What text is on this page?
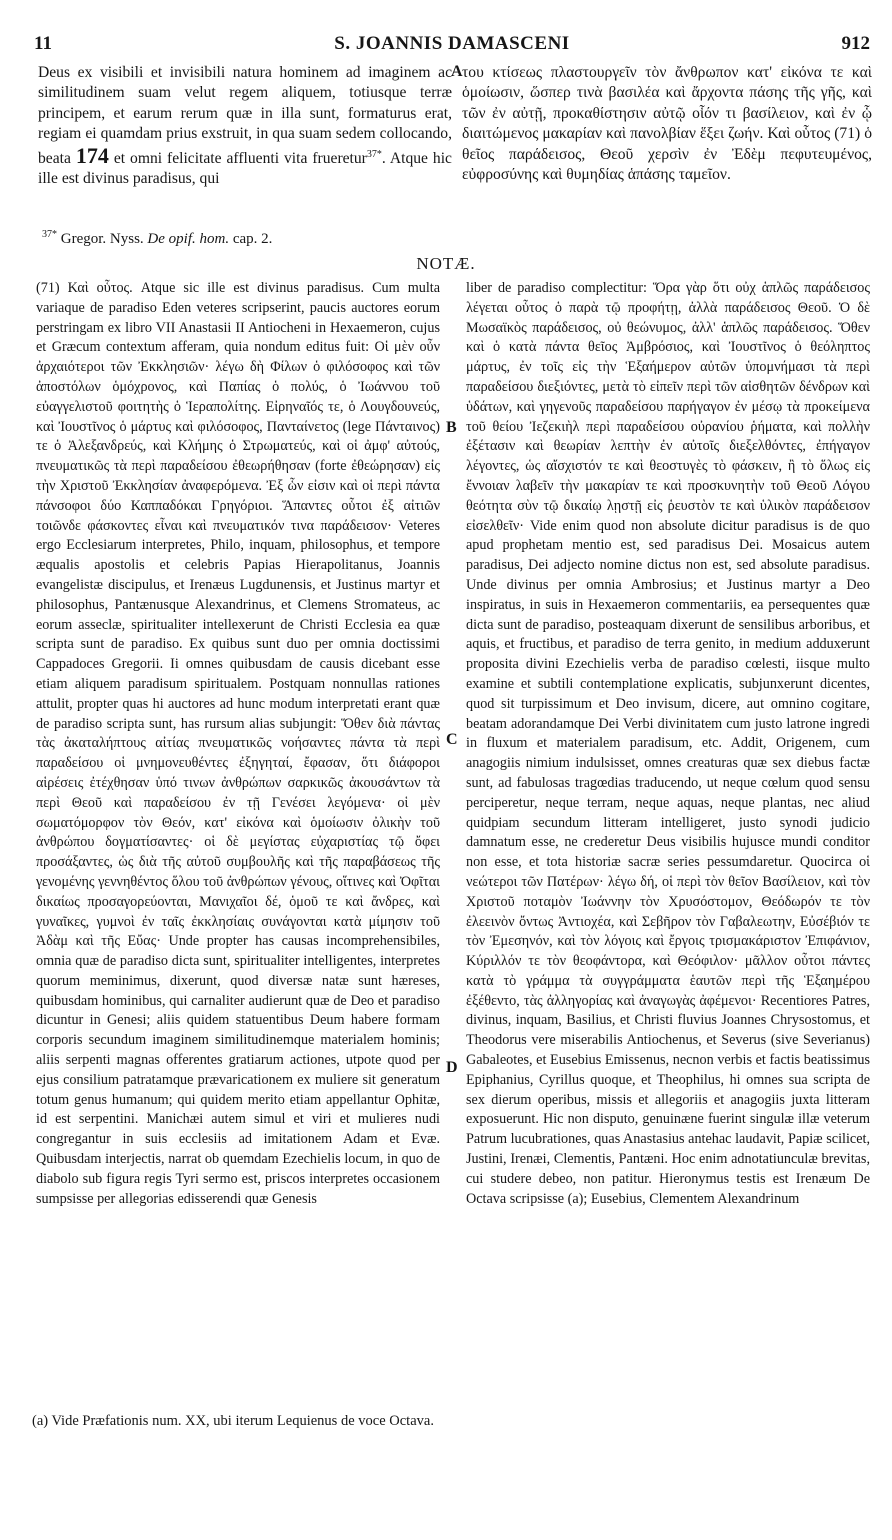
11	S. JOANNIS DAMASCENI	912
Deus ex visibili et invisibili natura hominem ad imaginem ac similitudinem suam velut regem aliquem, totiusque terræ principem, et earum rerum quæ in illa sunt, formaturus erat, regiam ei quamdam prius exstruit, in qua suam sedem collocando, beata 174 et omni felicitate affluenti vita frueretur$^{37*}$. Atque hic ille est divinus paradisus, qui
A του κτίσεως πλαστουργεῖν τὸν ἄνθρωπον κατ' εἰκόνα τε καὶ ὁμοίωσιν, ὥσπερ τινὰ βασιλέα καὶ ἄρχοντα πάσης τῆς γῆς, καὶ τῶν ἐν αὐτῇ, προκαθίστησιν αὐτῷ οἷόν τι βασίλειον, καὶ ἐν ᾧ διαιτώμενος μακαρίαν καὶ πανολβίαν ἕξει ζωήν. Καὶ οὗτος (71) ὁ θεῖος παράδεισος, Θεοῦ χερσὶν ἐν Ἐδὲμ πεφυτευμένος, εὐφροσύνης καὶ θυμηδίας ἁπάσης ταμεῖον.
$^{37*}$ Gregor. Nyss. De opif. hom. cap. 2.
NOTÆ.

(71) Καὶ οὗτος. Atque sic ille est divinus paradisus. Cum multa variaque de paradiso Eden veteres scripserint, paucis auctores eorum perstringam ex libro VII Anastasii II Antiocheni in Hexaemeron, cujus et Græcum contextum afferam, quia nondum editus fuit: Οἱ μὲν οὖν ἀρχαιότεροι τῶν Ἐκκλησιῶν· λέγω δὴ Φίλων ὁ φιλόσοφος καὶ τῶν ἀποστόλων ὁμόχρονος, καὶ Παπίας ὁ πολύς, ὁ Ἰωάννου τοῦ εὐαγγελιστοῦ φοιτητὴς ὁ Ἱεραπολίτης. Εἰρηναῖός τε, ὁ Λουγδουνεύς, καὶ Ἰουστῖνος ὁ μάρτυς καὶ φιλόσοφος, Πανταίνετος (lege Πάνταινος) τε ὁ Ἀλεξανδρεύς, καὶ Κλήμης ὁ Στρωματεύς, καὶ οἱ ἀμφ' αὐτούς, πνευματικῶς τὰ περὶ παραδείσου ἐθεωρήθησαν (forte ἐθεώρησαν) εἰς τὴν Χριστοῦ Ἐκκλησίαν ἀναφερόμενα. Ἐξ ὧν εἰσιν καὶ οἱ περὶ πάντα πάνσοφοι δύο Καππαδόκαι Γρηγόριοι. Ἅπαντες οὗτοι ἐξ αἰτιῶν τοιῶνδε φάσκοντες εἶναι καὶ πνευματικόν τινα παράδεισον· Veteres ergo Ecclesiarum interpretes, Philo, inquam, philosophus, et tempore æqualis apostolis et celebris Papias Hierapolitanus, Joannis evangelistæ discipulus, et Irenæus Lugdunensis, et Justinus martyr et philosophus, Pantænusque Alexandrinus, et Clemens Stromateus, ac eorum asseclæ, spiritualiter intellexerunt de Christi Ecclesia ea quæ scripta sunt de paradiso. Ex quibus sunt duo per omnia doctissimi Cappadoces Gregorii. Ii omnes quibusdam de causis dicebant esse etiam aliquem paradisum spiritualem. Postquam nonnullas rationes attulit, propter quas hi auctores ad hunc modum interpretati erant quæ de paradiso scripta sunt, has rursum alias subjungit: Ὅθεν διὰ πάντας τὰς ἀκαταλήπτους αἰτίας πνευματικῶς νοήσαντες πάντα τὰ περὶ παραδείσου οἱ μνημονευθέντες ἐξηγηταί, ἔφασαν, ὅτι διάφοροι αἱρέσεις ἐτέχθησαν ὑπό τινων ἀνθρώπων σαρκικῶς ἀκουσάντων τὰ περὶ Θεοῦ καὶ παραδείσου ἐν τῇ Γενέσει λεγόμενα· οἱ μὲν σωματόμορφον τὸν Θεόν, κατ' εἰκόνα καὶ ὁμοίωσιν ὀλικὴν τοῦ ἀνθρώπου δογματίσαντες· οἱ δὲ μεγίστας εὐχαριστίας τῷ ὄφει προσάξαντες, ὡς διὰ τῆς αὐτοῦ συμβουλῆς καὶ τῆς παραβάσεως τῆς γενομένης γεννηθέντος ὅλου τοῦ ἀνθρώπων γένους, οἵτινες καὶ Ὀφῖται δικαίως προσαγορεύονται, Μανιχαῖοι δέ, ὁμοῦ τε καὶ ἄνδρες, καὶ γυναῖκες, γυμνοὶ ἐν ταῖς ἐκκλησίαις συνάγονται κατὰ μίμησιν τοῦ Ἀδὰμ καὶ τῆς Εὔας· Unde propter has causas incomprehensibiles, omnia quæ de paradiso dicta sunt, spiritualiter intelligentes, interpretes quorum meminimus, dixerunt, quod diversæ natæ sunt hæreses, quibusdam hominibus, qui carnaliter audierunt quæ de Deo et paradiso dicuntur in Genesi; aliis quidem statuentibus Deum habere formam corporis secundum imaginem similitudinemque materialem hominis; aliis serpenti magnas offerentes gratiarum actiones, utpote quod per ejus consilium patratamque prævaricationem ex muliere sit generatum totum genus humanum; qui quidem merito etiam appellantur Ophitæ, id est serpentini. Manichæi autem simul et viri et mulieres nudi congregantur in suis ecclesiis ad imitationem Adam et Evæ. Quibusdam interjectis, narrat ob quemdam Ezechielis locum, in quo de diabolo sub figura regis Tyri sermo est, priscos interpretes occasionem sumpsisse per allegorias edisserendi quæ Genesis

B
C
D

liber de paradiso complectitur: Ὅρα γὰρ ὅτι οὐχ ἁπλῶς παράδεισος λέγεται οὗτος ὁ παρὰ τῷ προφήτῃ, ἀλλὰ παράδεισος Θεοῦ. Ὁ δὲ Μωσαϊκὸς παράδεισος, οὐ θεώνυμος, ἀλλ' ἁπλῶς παράδεισος. Ὅθεν καὶ ὁ κατὰ πάντα θεῖος Ἀμβρόσιος, καὶ Ἰουστῖνος ὁ θεόληπτος μάρτυς, ἐν τοῖς εἰς τὴν Ἑξαήμερον αὐτῶν ὑπομνήμασι τὰ περὶ παραδείσου διεξιόντες, μετὰ τὸ εἰπεῖν περὶ τῶν αἰσθητῶν δένδρων καὶ ὑδάτων, καὶ γηγενοῦς παραδείσου παρήγαγον ἐν μέσῳ τὰ προκείμενα τοῦ θείου Ἰεζεκιὴλ περὶ παραδείσου οὐρανίου ῥήματα, καὶ πολλὴν ἐξέτασιν καὶ θεωρίαν λεπτὴν ἐν αὐτοῖς διεξελθόντες, ἐπήγαγον λέγοντες, ὡς αἴσχιστόν τε καὶ θεοστυγὲς τὸ φάσκειν, ἢ τὸ ὅλως εἰς ἔννοιαν λαβεῖν τὴν μακαρίαν τε καὶ προσκυνητὴν τοῦ Θεοῦ Λόγου θεότητα σὺν τῷ δικαίῳ λῃστῇ εἰς ῥευστὸν τε καὶ ὑλικὸν παράδεισον εἰσελθεῖν· Vide enim quod non absolute dicitur paradisus is de quo apud prophetam mentio est, sed paradisus Dei. Mosaicus autem paradisus, Dei adjecto nomine dictus non est, sed absolute paradisus. Unde divinus per omnia Ambrosius; et Justinus martyr a Deo inspiratus, in suis in Hexaemeron commentariis, ea persequentes quæ dicta sunt de paradiso, posteaquam dixerunt de sensilibus arboribus, et aquis, et fructibus, et paradiso de terra genito, in medium adduxerunt proposita divini Ezechielis verba de paradiso cœlesti, iisque multo examine et subtili contemplatione explicatis, subjunxerunt dicentes, quod sit turpissimum et Deo invisum, dicere, aut omnino cogitare, beatam adorandamque Dei Verbi divinitatem cum justo latrone ingredi in fluxum et materialem paradisum, etc. Addit, Origenem, cum anagogiis nimium indulsisset, omnes creaturas quæ sex diebus factæ sunt, ad fabulosas tragœdias traducendo, ut neque cœlum quod sensu perciperetur, neque terram, neque aquas, neque plantas, nec aliud quidpiam secundum litteram intelligeret, justo synodi judicio damnatum esse, ne crederetur Deus visibilis hujusce mundi conditor non esse, et tota historiæ sacræ series pessumdaretur. Quocirca οἱ νεώτεροι τῶν Πατέρων· λέγω δή, οἱ περὶ τὸν θεῖον Βασίλειον, καὶ τὸν Χριστοῦ ποταμὸν Ἰωάννην τὸν Χρυσόστομον, Θεόδωρόν τε τὸν ἐλεεινὸν ὄντως Ἀντιοχέα, καὶ Σεβῆρον τὸν Γαβαλεωτην, Εὐσέβιόν τε τὸν Ἐμεσηνόν, καὶ τὸν λόγοις καὶ ἔργοις τρισμακάριστον Ἐπιφάνιον, Κύριλλόν τε τὸν θεοφάντορα, καὶ Θεόφιλον· μᾶλλον οὗτοι πάντες κατὰ τὸ γράμμα τὰ συγγράμματα ἑαυτῶν περὶ τῆς Ἑξαημέρου ἐξέθεντο, τὰς ἀλληγορίας καὶ ἀναγωγὰς ἀφέμενοι· Recentiores Patres, divinus, inquam, Basilius, et Christi fluvius Joannes Chrysostomus, et Theodorus vere miserabilis Antiochenus, et Severus (sive Severianus) Gabaleotes, et Eusebius Emissenus, necnon verbis et factis beatissimus Epiphanius, Cyrillus quoque, et Theophilus, hi omnes sua scripta de sex dierum operibus, missis et allegoriis et anagogiis juxta litteram exposuerunt. Hic non disputo, genuinæne fuerint singulæ illæ veterum Patrum lucubrationes, quas Anastasius antehac laudavit, Papiæ scilicet, Justini, Irenæi, Clementis, Pantæni. Hoc enim adnotatiunculæ brevitas, cui studere debeo, non patitur. Hieronymus testis est Irenæum De Octava scripsisse (a); Eusebius, Clementem Alexandrinum

(a) Vide Præfationis num. XX, ubi iterum Lequienus de voce Octava.
